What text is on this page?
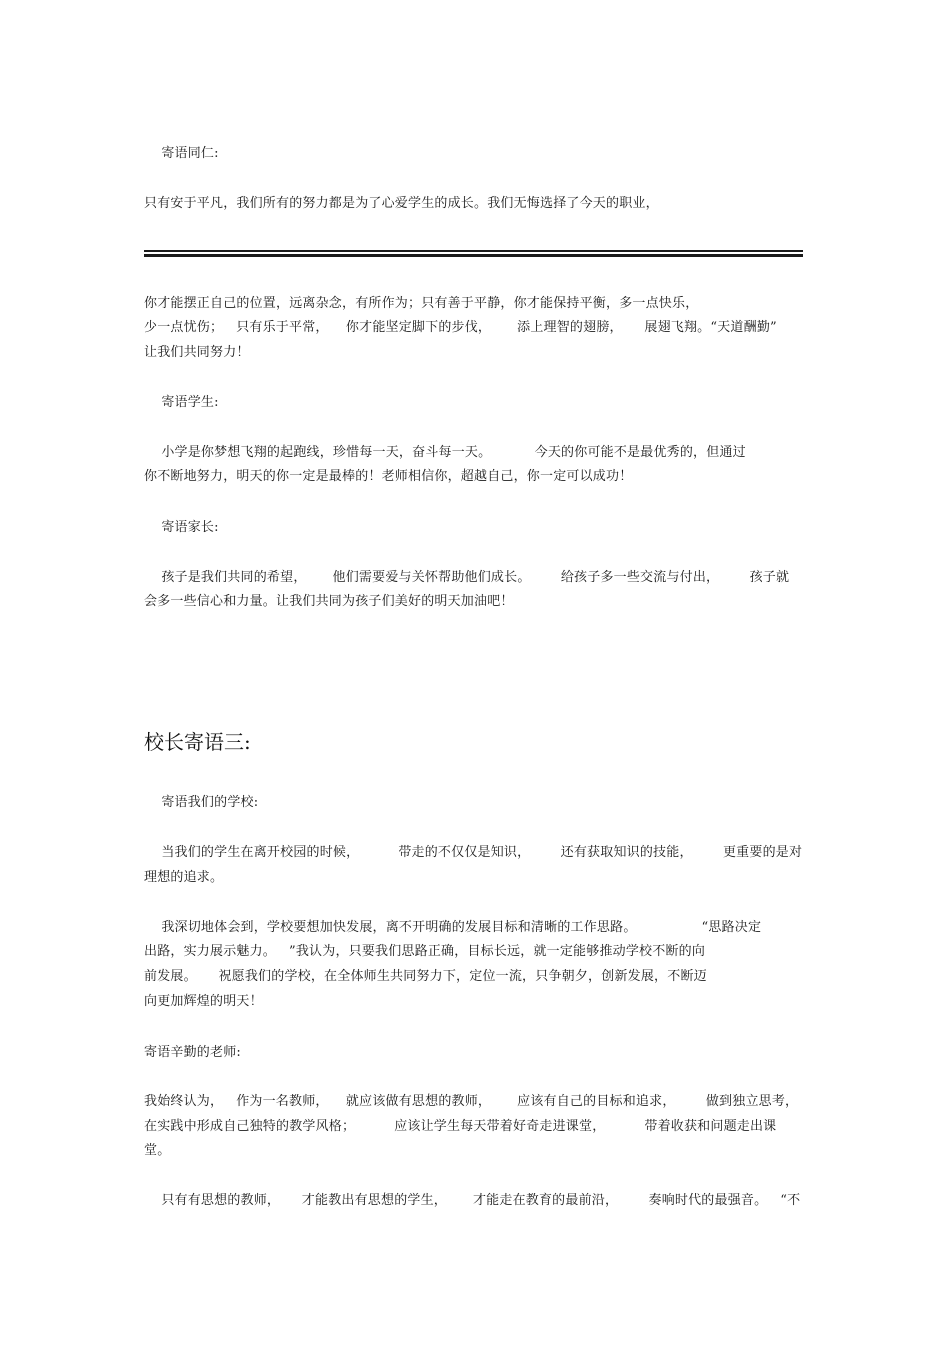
寄语同仁:
只有安于平凡，我们所有的努力都是为了心爱学生的成长。我们无悔选择了今天的职业，
你才能摆正自己的位置，远离杂念，有所作为；只有善于平静，你才能保持平衡，多一点快乐，
少一点忧伤；   只有乐于平常，    你才能坚定脚下的步伐，      添上理智的翅膀，     展翅飞翔。“天道酬勤”
让我们共同努力！
寄语学生:
小学是你梦想飞翔的起跑线，珍惜每一天，奋斗每一天。          今天的你可能不是最优秀的，但通过
你不断地努力，明天的你一定是最棒的！老师相信你，超越自己，你一定可以成功！
寄语家长:
孩子是我们共同的希望，      他们需要爱与关怀帮助他们成长。       给孩子多一些交流与付出，       孩子就
会多一些信心和力量。让我们共同为孩子们美好的明天加油吧！
校长寄语三:
寄语我们的学校:
当我们的学生在离开校园的时候，         带走的不仅仅是知识，       还有获取知识的技能，       更重要的是对
理想的追求。
我深切地体会到，学校要想加快发展，离不开明确的发展目标和清晰的工作思路。               “思路决定
出路，实力展示魅力。   ”我认为，只要我们思路正确，目标长远，就一定能够推动学校不断的向
前发展。     祝愿我们的学校，在全体师生共同努力下，定位一流，只争朝夕，创新发展，不断迈
向更加辉煌的明天！
寄语辛勤的老师:
我始终认为，   作为一名教师，    就应该做有思想的教师，      应该有自己的目标和追求，       做到独立思考，
在实践中形成自己独特的教学风格；         应该让学生每天带着好奇走进课堂，         带着收获和问题走出课
堂。
只有有思想的教师，     才能教出有思想的学生，      才能走在教育的最前沿，       奏响时代的最强音。   “不
